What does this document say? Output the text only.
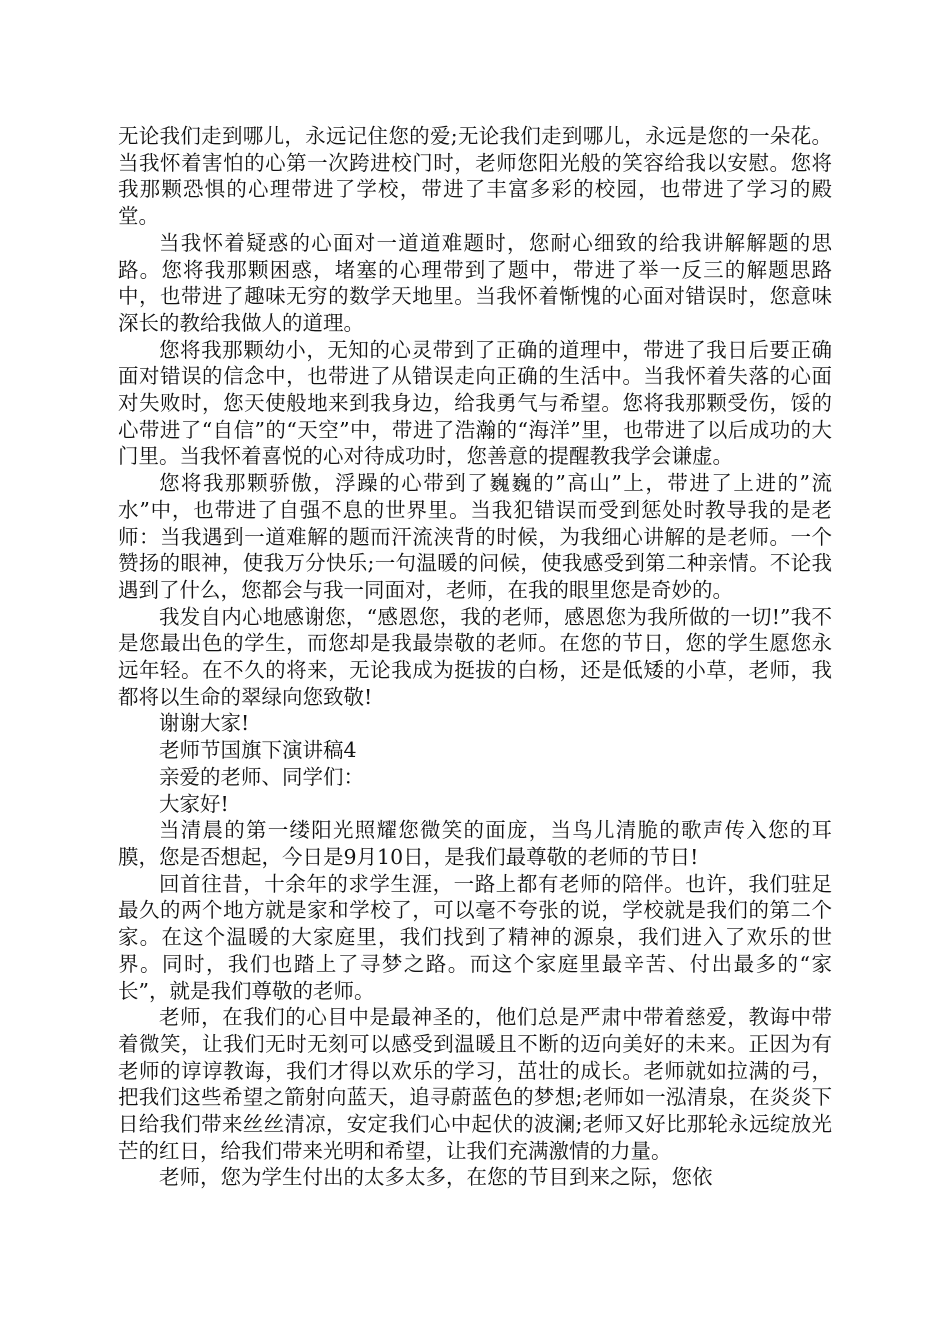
无论我们走到哪儿，永远记住您的爱;无论我们走到哪儿，永远是您的一朵花。当我怀着害怕的心第一次跨进校门时，老师您阳光般的笑容给我以安慰。您将我那颗恐惧的心理带进了学校，带进了丰富多彩的校园，也带进了学习的殿堂。

当我怀着疑惑的心面对一道道难题时，您耐心细致的给我讲解解题的思路。您将我那颗困惑，堵塞的心理带到了题中，带进了举一反三的解题思路中，也带进了趣味无穷的数学天地里。当我怀着惭愧的心面对错误时，您意味深长的教给我做人的道理。

您将我那颗幼小，无知的心灵带到了正确的道理中，带进了我日后要正确面对错误的信念中，也带进了从错误走向正确的生活中。当我怀着失落的心面对失败时，您天使般地来到我身边，给我勇气与希望。您将我那颗受伤，馁的心带进了“自信”的“天空”中，带进了浩瀚的“海洋”里，也带进了以后成功的大门里。当我怀着喜悦的心对待成功时，您善意的提醒教我学会谦虚。

您将我那颗骄傲，浮躁的心带到了巍巍的”高山”上，带进了上进的”流水”中，也带进了自强不息的世界里。当我犯错误而受到惩处时教导我的是老师：当我遇到一道难解的题而汗流浃背的时候，为我细心讲解的是老师。一个赞扬的眼神，使我万分快乐;一句温暖的问候，使我感受到第二种亲情。不论我遇到了什么，您都会与我一同面对，老师，在我的眼里您是奇妙的。

我发自内心地感谢您，“感恩您，我的老师，感恩您为我所做的一切!”我不是您最出色的学生，而您却是我最崇敬的老师。在您的节日，您的学生愿您永远年轻。在不久的将来，无论我成为挺拔的白杨，还是低矮的小草，老师，我都将以生命的翠绿向您致敬!

谢谢大家!

老师节国旗下演讲稿4

亲爱的老师、同学们：

大家好!

当清晨的第一缕阳光照耀您微笑的面庞，当鸟儿清脆的歌声传入您的耳膜，您是否想起，今日是9月10日，是我们最尊敬的老师的节日!

回首往昔，十余年的求学生涯，一路上都有老师的陪伴。也许，我们驻足最久的两个地方就是家和学校了，可以毫不夸张的说，学校就是我们的第二个家。在这个温暖的大家庭里，我们找到了精神的源泉，我们进入了欢乐的世界。同时，我们也踏上了寻梦之路。而这个家庭里最辛苦、付出最多的“家长”，就是我们尊敬的老师。

老师，在我们的心目中是最神圣的，他们总是严肃中带着慈爱，教诲中带着微笑，让我们无时无刻可以感受到温暖且不断的迈向美好的未来。正因为有老师的谆谆教诲，我们才得以欢乐的学习，茁壮的成长。老师就如拉满的弓，把我们这些希望之箭射向蓝天，追寻蔚蓝色的梦想;老师如一泓清泉，在炎炎下日给我们带来丝丝清凉，安定我们心中起伏的波澜;老师又好比那轮永远绽放光芒的红日，给我们带来光明和希望，让我们充满激情的力量。

老师，您为学生付出的太多太多，在您的节目到来之际，您依
